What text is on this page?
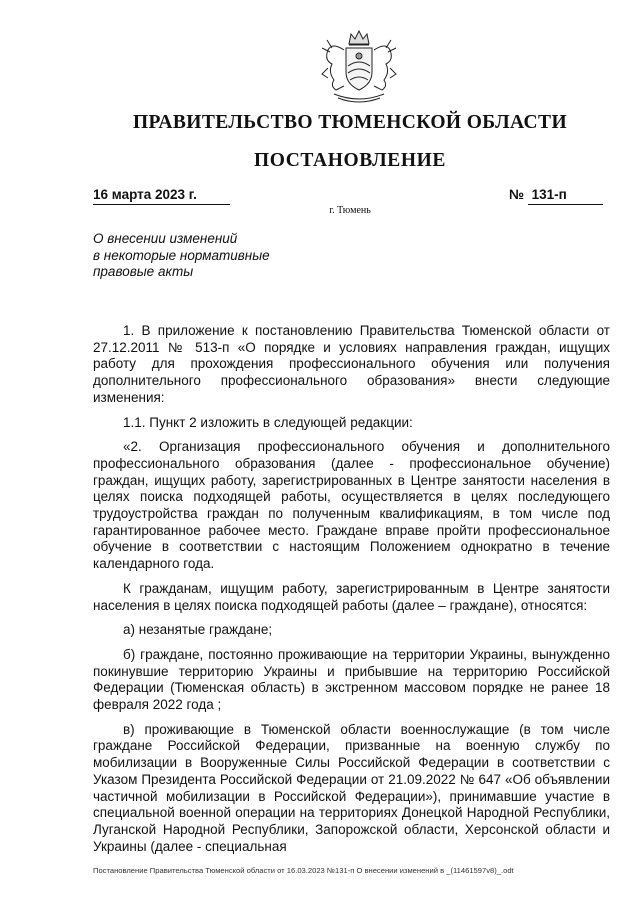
ПРАВИТЕЛЬСТВО ТЮМЕНСКОЙ ОБЛАСТИ
ПОСТАНОВЛЕНИЕ
16 марта 2023 г.	№ 131-п
г. Тюмень
О внесении изменений
в некоторые нормативные
правовые акты

1. В приложение к постановлению Правительства Тюменской области от 27.12.2011 № 513-п «О порядке и условиях направления граждан, ищущих работу для прохождения профессионального обучения или получения дополнительного профессионального образования» внести следующие изменения:

1.1. Пункт 2 изложить в следующей редакции:

«2. Организация профессионального обучения и дополнительного профессионального образования (далее - профессиональное обучение) граждан, ищущих работу, зарегистрированных в Центре занятости населения в целях поиска подходящей работы, осуществляется в целях последующего трудоустройства граждан по полученным квалификациям, в том числе под гарантированное рабочее место. Граждане вправе пройти профессиональное обучение в соответствии с настоящим Положением однократно в течение календарного года.

К гражданам, ищущим работу, зарегистрированным в Центре занятости населения в целях поиска подходящей работы (далее – граждане), относятся:

а) незанятые граждане;

б) граждане, постоянно проживающие на территории Украины, вынужденно покинувшие территорию Украины и прибывшие на территорию Российской Федерации (Тюменская область) в экстренном массовом порядке не ранее 18 февраля 2022 года ;

в) проживающие в Тюменской области военнослужащие (в том числе граждане Российской Федерации, призванные на военную службу по мобилизации в Вооруженные Силы Российской Федерации в соответствии с Указом Президента Российской Федерации от 21.09.2022 № 647 «Об объявлении частичной мобилизации в Российской Федерации»), принимавшие участие в специальной военной операции на территориях Донецкой Народной Республики, Луганской Народной Республики, Запорожской области, Херсонской области и Украины (далее - специальная

Постановление Правительства Тюменской области от 16.03.2023 №131-п О внесении изменений в _(11461597v8)_.odt
